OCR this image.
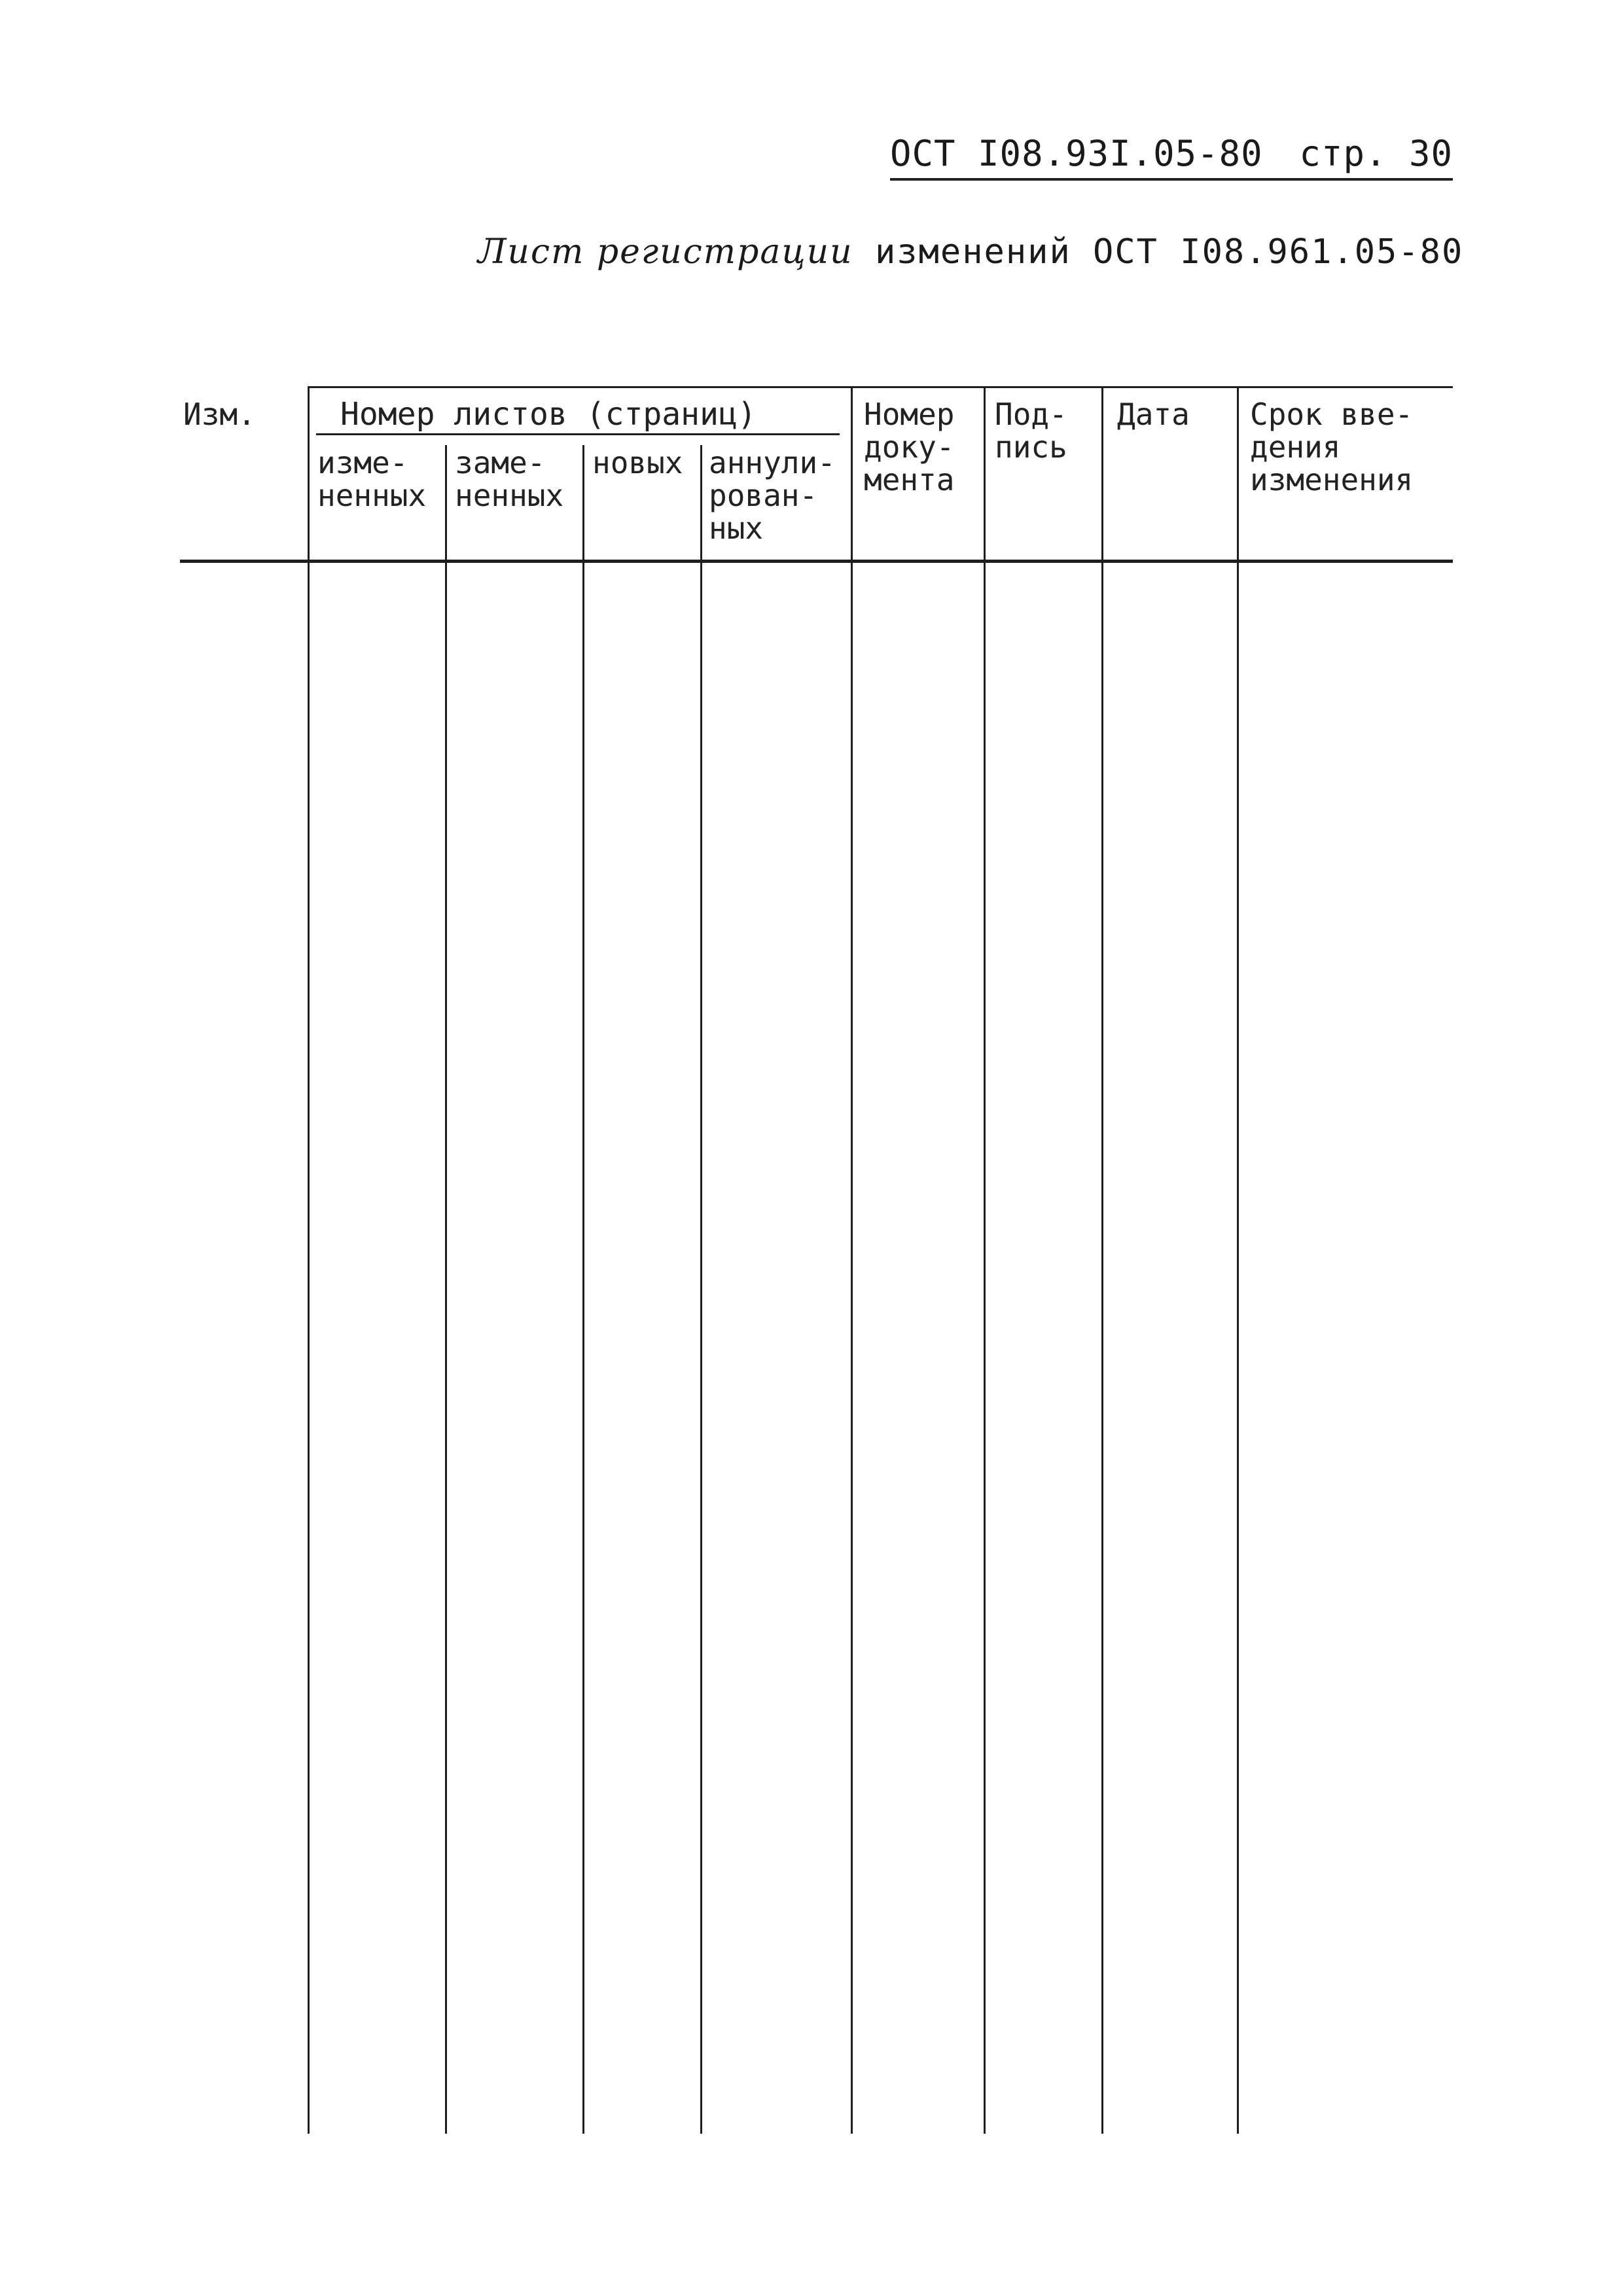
ОСТ I08.93I.05-80 стр. 30
Лист регистрации изменений ОСТ I08.961.05-80
Изм.	Номер листов (страниц)
изме-
ненных
заме-
ненных
новых аннули-
рован-
ных
Номер
доку-
мента
Под-
пись
Дата Срок вве-
дения
изменения
